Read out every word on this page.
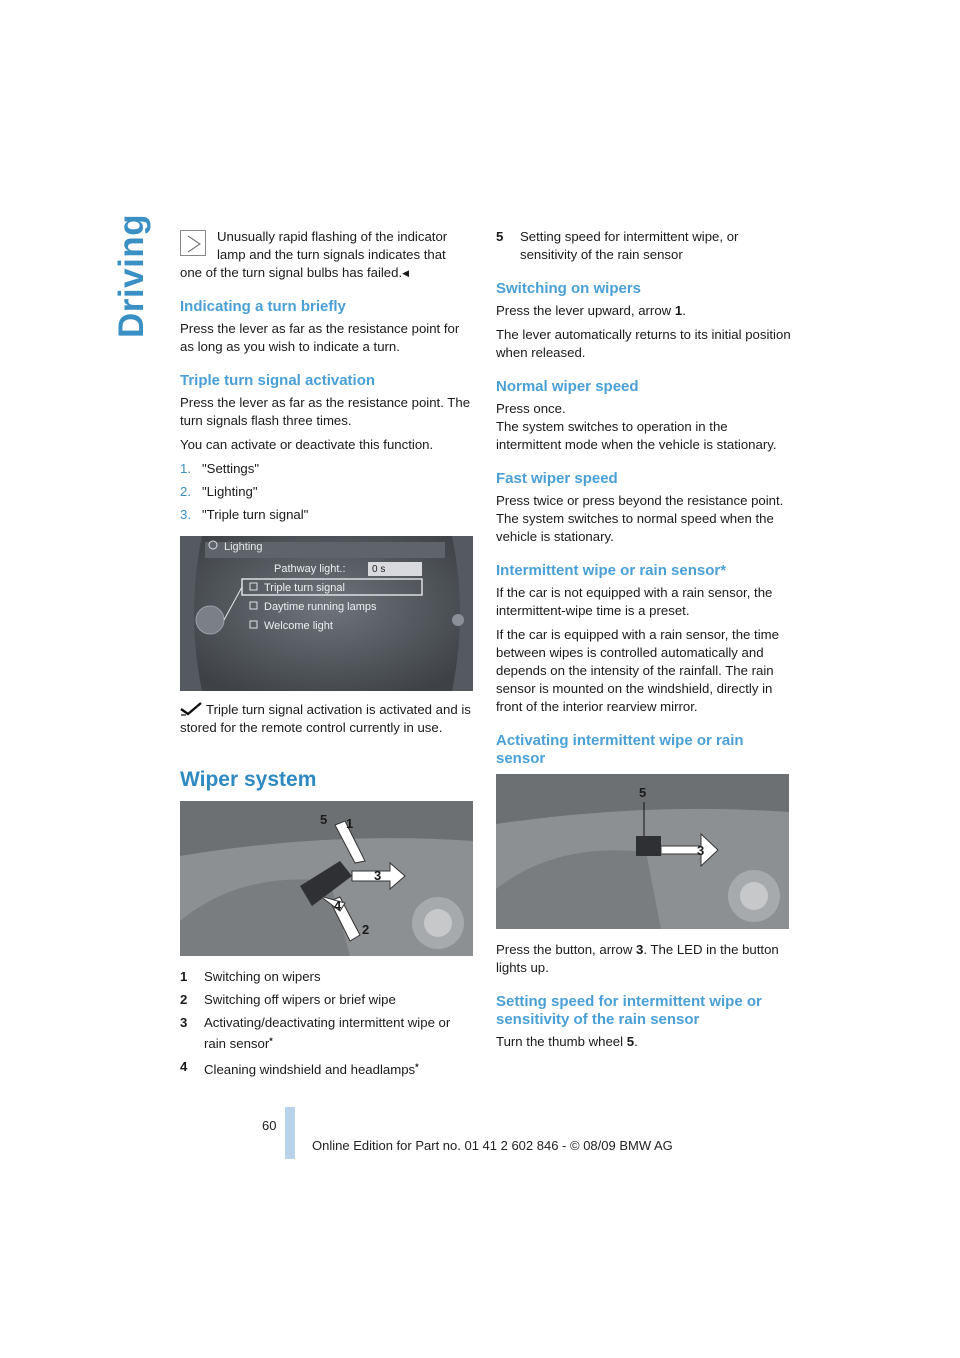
Driving	Unusually rapid flashing of the indicator
lamp and the turn signals indicates that
one of the turn signal bulbs has failed.◀
Indicating a turn briefly

Press the lever as far as the resistance point for as long as you wish to indicate a turn.

Triple turn signal activation

Press the lever as far as the resistance point. The turn signals flash three times.

You can activate or deactivate this function.

1. "Settings"
2. "Lighting"
3. "Triple turn signal"
Lighting
Pathway light.:	0 s
Triple turn signal
Daytime running lamps
Welcome light

Triple turn signal activation is activated and is stored for the remote control currently in use.

Wiper system
5 1
3
4
2
1 Switching on wipers
2 Switching off wipers or brief wipe
3 Activating/deactivating intermittent wipe or rain sensor*
4 Cleaning windshield and headlamps*
5 Setting speed for intermittent wipe, or sensitivity of the rain sensor
Switching on wipers

Press the lever upward, arrow 1.

The lever automatically returns to its initial position when released.

Normal wiper speed

Press once.
The system switches to operation in the intermittent mode when the vehicle is stationary.

Fast wiper speed

Press twice or press beyond the resistance point.
The system switches to normal speed when the vehicle is stationary.

Intermittent wipe or rain sensor*

If the car is not equipped with a rain sensor, the intermittent-wipe time is a preset.

If the car is equipped with a rain sensor, the time between wipes is controlled automatically and depends on the intensity of the rainfall. The rain sensor is mounted on the windshield, directly in front of the interior rearview mirror.

Activating intermittent wipe or rain sensor
5
3

Press the button, arrow 3. The LED in the button lights up.

Setting speed for intermittent wipe or sensitivity of the rain sensor

Turn the thumb wheel 5.

60
Online Edition for Part no. 01 41 2 602 846 - © 08/09 BMW AG
